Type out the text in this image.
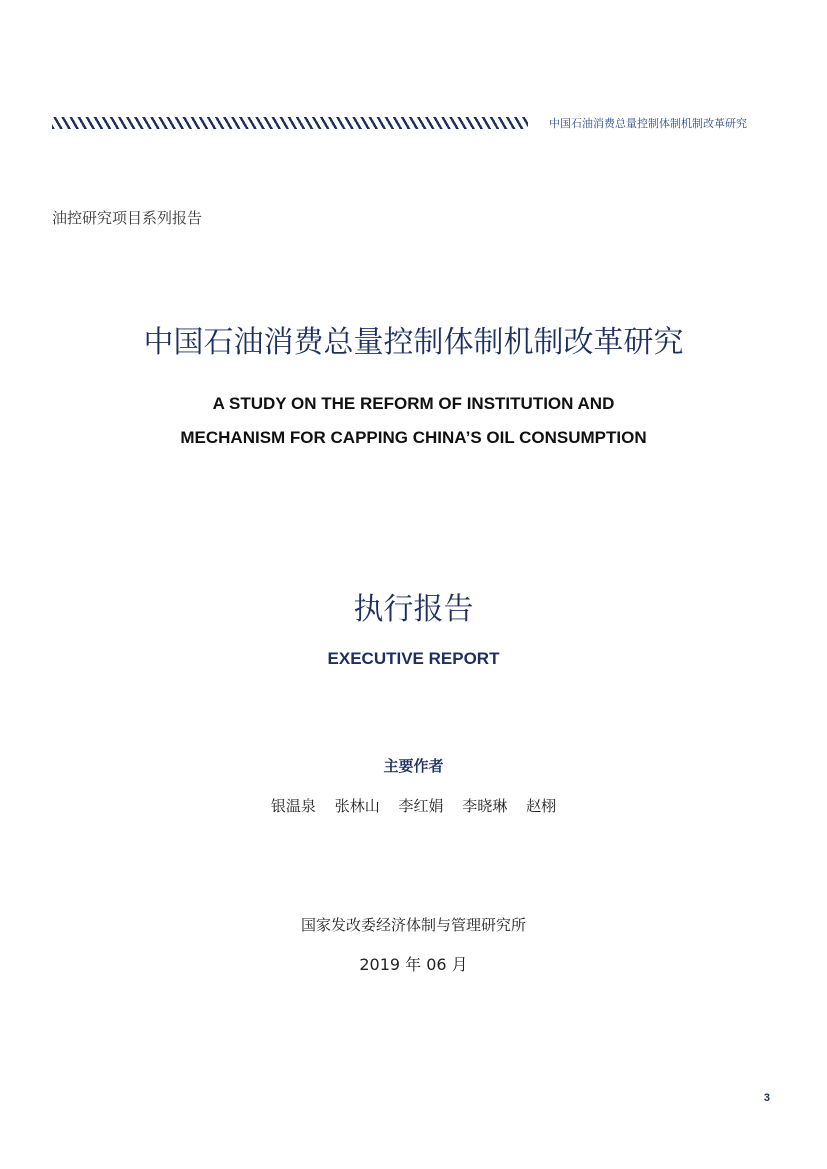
中国石油消费总量控制体制机制改革研究
油控研究项目系列报告
中国石油消费总量控制体制机制改革研究
A STUDY ON THE REFORM OF INSTITUTION AND
MECHANISM FOR CAPPING CHINA’S OIL CONSUMPTION
执行报告
EXECUTIVE REPORT
主要作者
银温泉 张林山 李红娟 李晓琳 赵栩
国家发改委经济体制与管理研究所
2019 年 06 月
3
